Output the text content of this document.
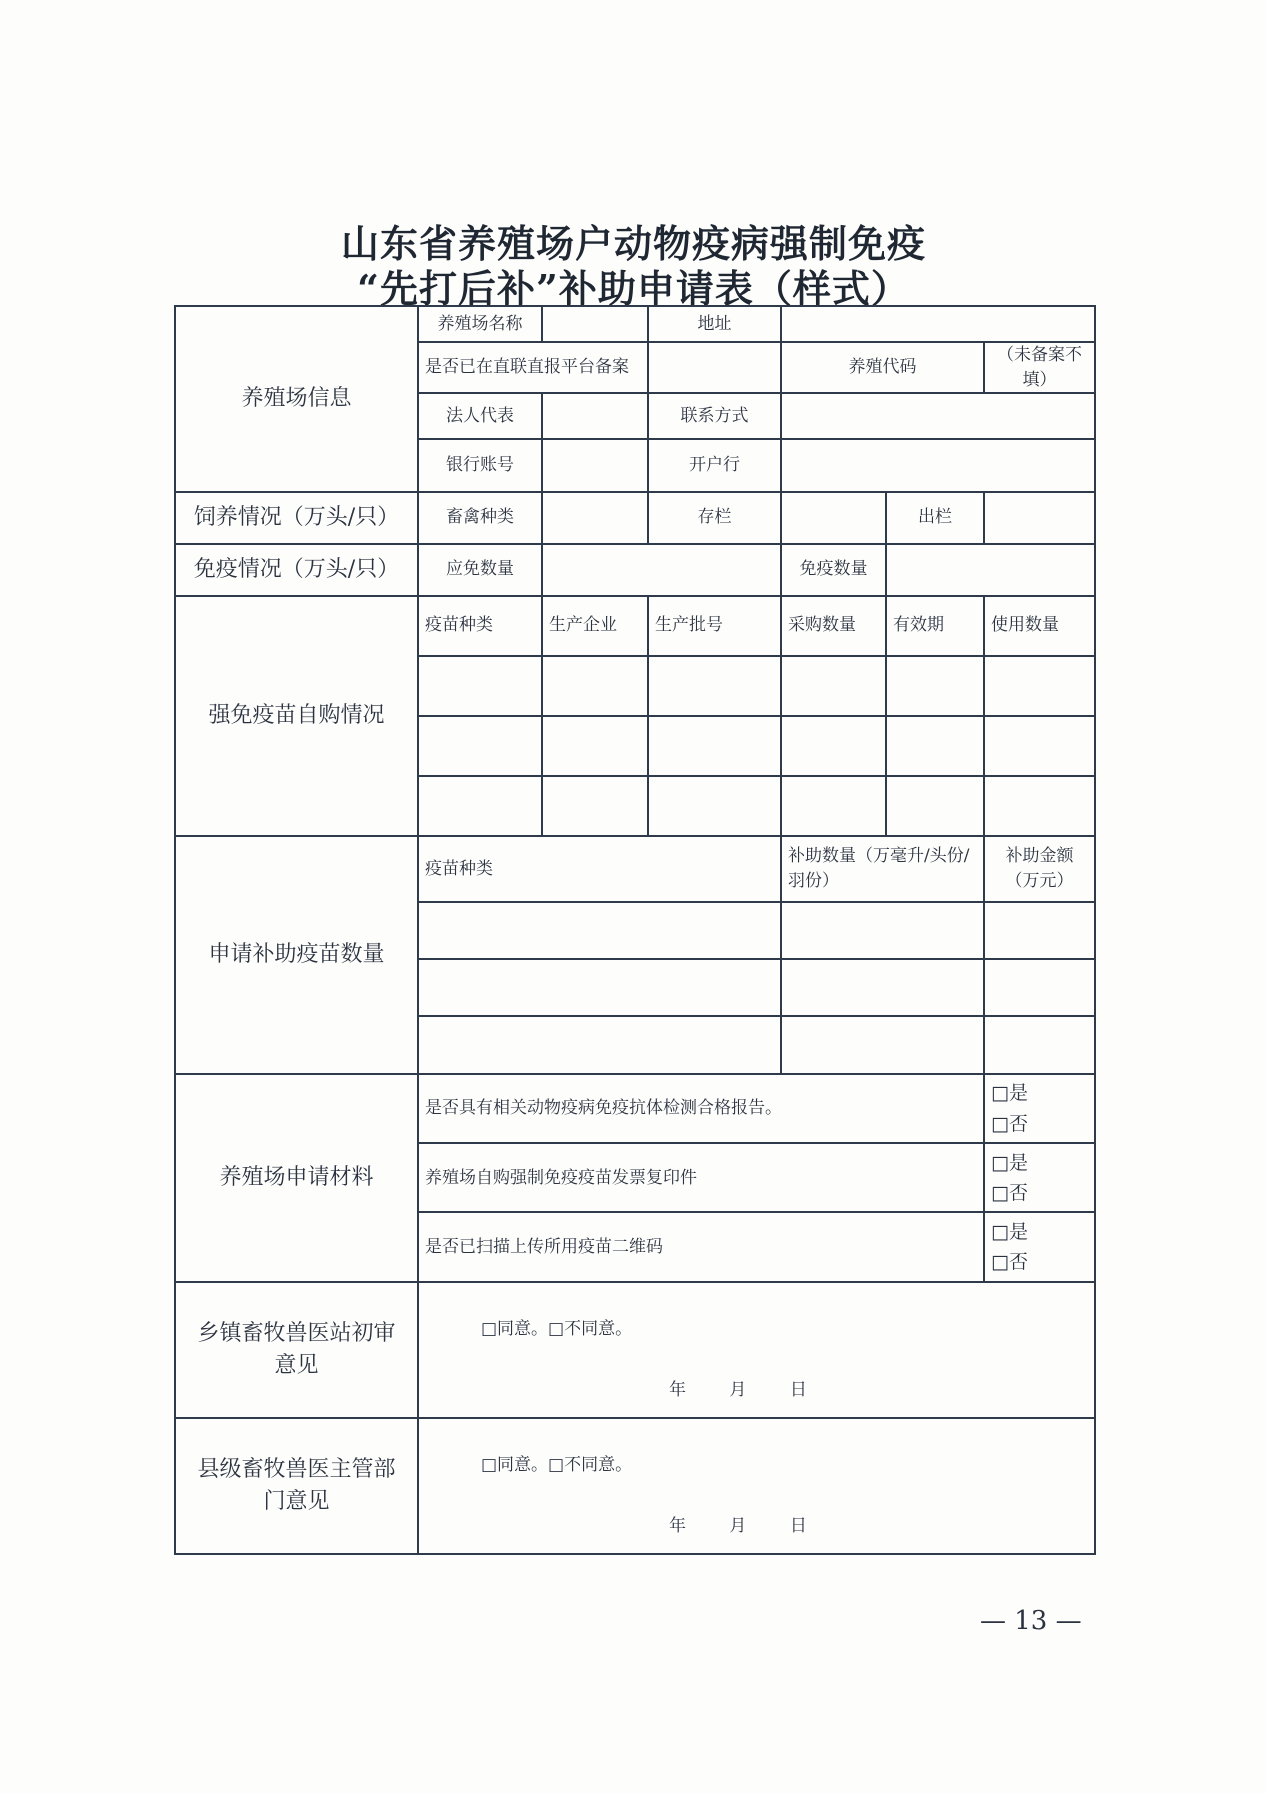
山东省养殖场户动物疫病强制免疫
“先打后补”补助申请表（样式）
养殖场信息	养殖场名称		地址			
	是否已在直联直报平台备案			养殖代码		（未备案不填）
	法人代表		联系方式			
	银行账号		开户行			
饲养情况（万头/只）	畜禽种类		存栏		出栏	
免疫情况（万头/只）	应免数量			免疫数量		
强免疫苗自购情况	疫苗种类	生产企业	生产批号	采购数量	有效期	使用数量

申请补助疫苗数量	疫苗种类			补助数量（万毫升/头份/羽份）		补助金额（万元）

养殖场申请材料	是否具有相关动物疫病免疫抗体检测合格报告。					□是
□否

	养殖场自购强制免疫疫苗发票复印件					□是
□否

	是否已扫描上传所用疫苗二维码					□是
□否

乡镇畜牧兽医站初审意见	□同意。□不同意。
年 月 日					

县级畜牧兽医主管部门意见	□同意。□不同意。
年 月 日					
— 13 —
